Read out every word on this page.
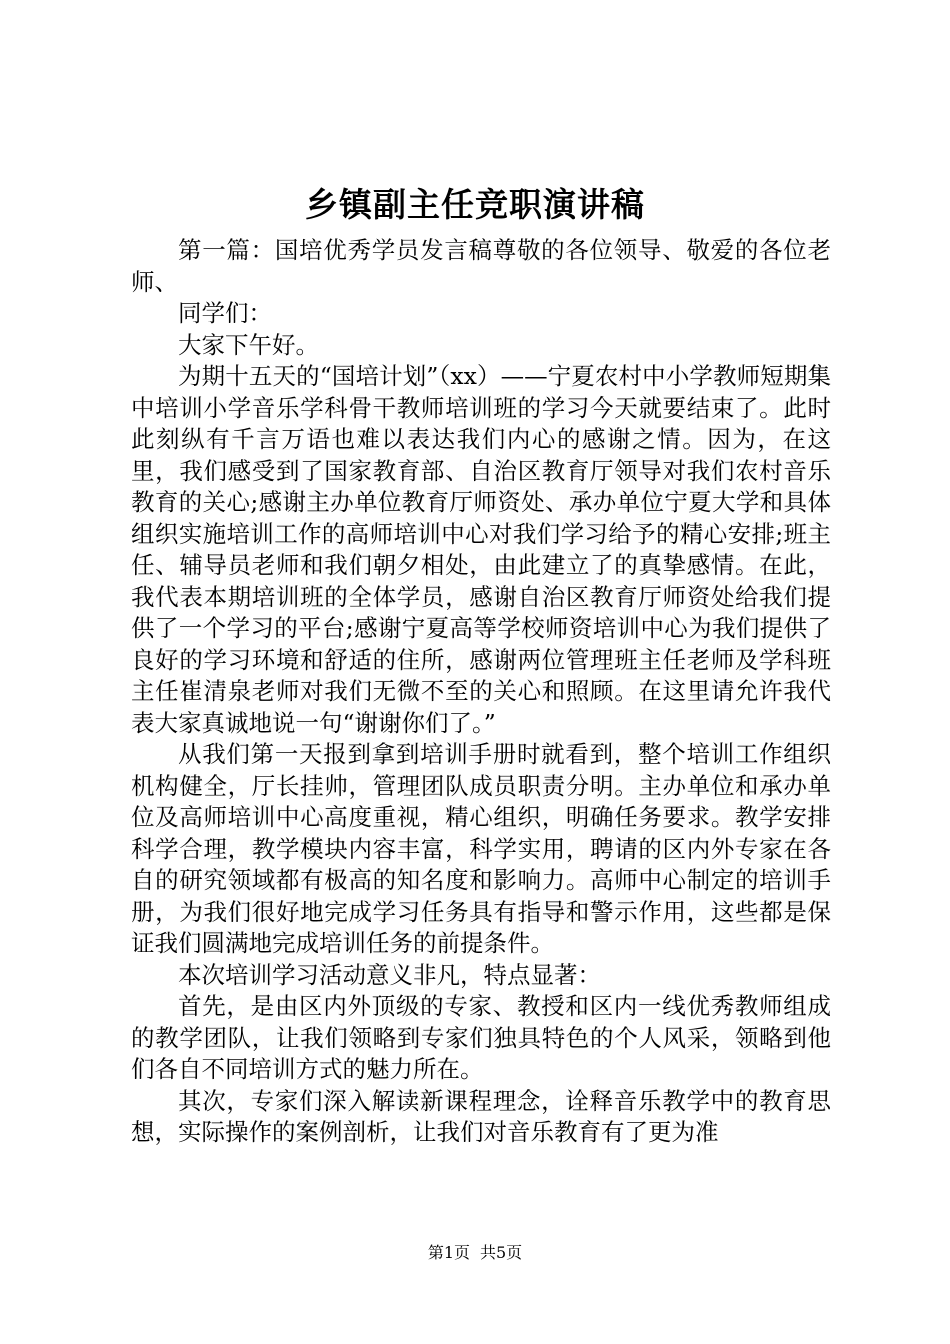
乡镇副主任竞职演讲稿

第一篇：国培优秀学员发言稿尊敬的各位领导、敬爱的各位老师、

同学们：

大家下午好。

为期十五天的“国培计划”（xx）——宁夏农村中小学教师短期集中培训小学音乐学科骨干教师培训班的学习今天就要结束了。此时此刻纵有千言万语也难以表达我们内心的感谢之情。因为，在这里，我们感受到了国家教育部、自治区教育厅领导对我们农村音乐教育的关心;感谢主办单位教育厅师资处、承办单位宁夏大学和具体组织实施培训工作的高师培训中心对我们学习给予的精心安排;班主任、辅导员老师和我们朝夕相处，由此建立了的真挚感情。在此，我代表本期培训班的全体学员，感谢自治区教育厅师资处给我们提供了一个学习的平台;感谢宁夏高等学校师资培训中心为我们提供了良好的学习环境和舒适的住所，感谢两位管理班主任老师及学科班主任崔清泉老师对我们无微不至的关心和照顾。在这里请允许我代表大家真诚地说一句“谢谢你们了。”

从我们第一天报到拿到培训手册时就看到，整个培训工作组织机构健全，厅长挂帅，管理团队成员职责分明。主办单位和承办单位及高师培训中心高度重视，精心组织，明确任务要求。教学安排科学合理，教学模块内容丰富，科学实用，聘请的区内外专家在各自的研究领域都有极高的知名度和影响力。高师中心制定的培训手册，为我们很好地完成学习任务具有指导和警示作用，这些都是保证我们圆满地完成培训任务的前提条件。

本次培训学习活动意义非凡，特点显著：

首先，是由区内外顶级的专家、教授和区内一线优秀教师组成的教学团队，让我们领略到专家们独具特色的个人风采，领略到他们各自不同培训方式的魅力所在。

其次，专家们深入解读新课程理念，诠释音乐教学中的教育思想，实际操作的案例剖析，让我们对音乐教育有了更为准

第1页 共5页
